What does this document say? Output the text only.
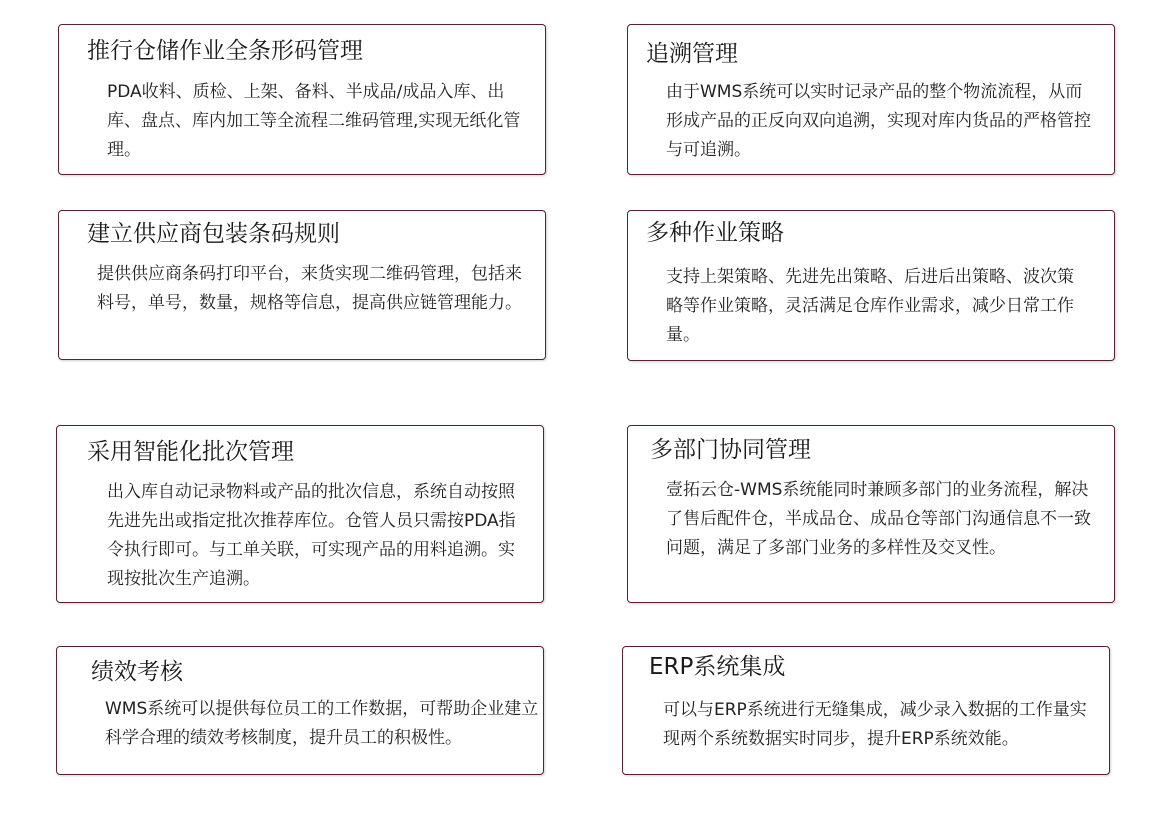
推行仓储作业全条形码管理

PDA收料、质检、上架、备料、半成品/成品入库、出库、盘点、库内加工等全流程二维码管理,实现无纸化管理。

追溯管理

由于WMS系统可以实时记录产品的整个物流流程，从而形成产品的正反向双向追溯，实现对库内货品的严格管控与可追溯。

建立供应商包装条码规则

提供供应商条码打印平台，来货实现二维码管理，包括来料号，单号，数量，规格等信息，提高供应链管理能力。

多种作业策略

支持上架策略、先进先出策略、后进后出策略、波次策略等作业策略，灵活满足仓库作业需求，减少日常工作量。

采用智能化批次管理

出入库自动记录物料或产品的批次信息，系统自动按照先进先出或指定批次推荐库位。仓管人员只需按PDA指令执行即可。与工单关联，可实现产品的用料追溯。实现按批次生产追溯。

多部门协同管理

壹拓云仓-WMS系统能同时兼顾多部门的业务流程，解决了售后配件仓，半成品仓、成品仓等部门沟通信息不一致问题，满足了多部门业务的多样性及交叉性。

绩效考核

WMS系统可以提供每位员工的工作数据，可帮助企业建立科学合理的绩效考核制度，提升员工的积极性。

ERP系统集成

可以与ERP系统进行无缝集成，减少录入数据的工作量实现两个系统数据实时同步，提升ERP系统效能。
